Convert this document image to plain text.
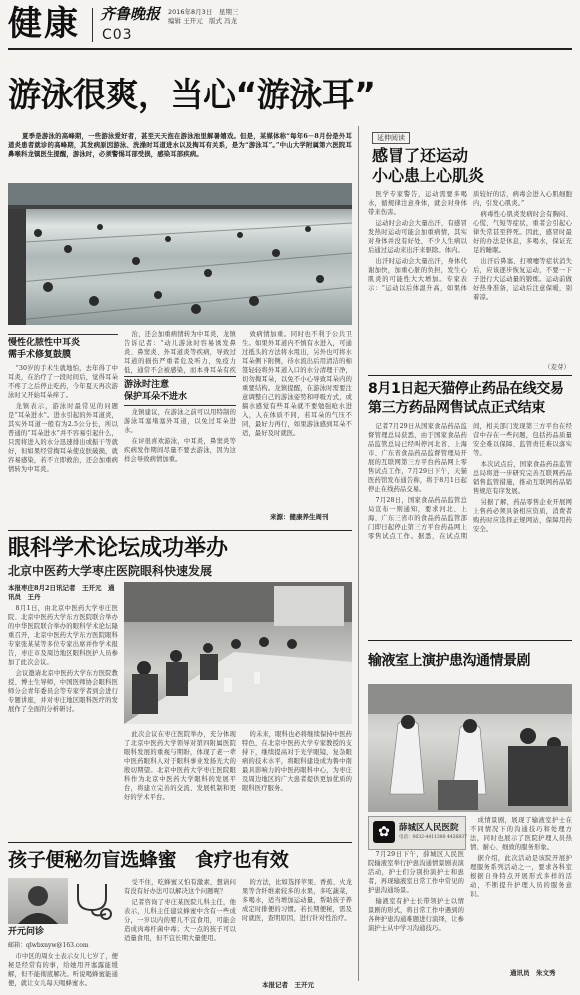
健康 齐鲁晚报 2016年8月3日　星期三
编辑 王开元　版式 冯龙
C03
游泳很爽，当心“游泳耳”
夏季是游泳的高峰期，一些游泳爱好者，甚至天天泡在游泳池里解暑嬉戏。但是，某媒体称“每年6－8月份是外耳道炎患者就诊的高峰期，其发病原因游泳、洗澡时耳道进水以及掏耳有关系，是为“游泳耳”。”中山大学附属第六医院耳鼻喉科龙镇医生提醒，游泳时，必须警惕耳部受损，感染耳部疾病。
慢性化脓性中耳炎
需手术修复鼓膜

“30岁的手术生就地怕，去年得了中耳炎，在治疗了一段时间后，觉得耳朵不疼了之后停止吃药，今年夏天再次游泳时又开始耳朵痒了。

龙镇表示，游泳时最常见的问题是“耳朵进水”。进水引起的外耳道炎，其实外耳道一般有为2.5公分长，所以普通的“耳朵进水”并不容易引起什么，只需将进入的水分迅速排出或振干等就好，但如果经常掏耳朵使皮肤破损，就容易感染，若不立即救治，还会加重病情转为中耳炎。

治，还会加重病情转为中耳炎，龙镇告诉记者：“动儿游泳时容易诱发鼻炎、鼻窦炎、外耳道炎等疾病，导致过耳道的损伤严重者危及听力，免疫力低，通常不会被感染，而本身耳朵有疾

游泳时注意
保护耳朵不进水

龙镇建议，在游泳之前可以用特制的游泳耳塞堵塞外耳道，以免过耳朵进水。

在评很喜欢游泳，中耳炎，鼻窦炎等疾病发作期间尽量不要去游泳，因为这样会导致病情加重。

致病情加重。同时也不利于公共卫生。如果外耳道内不慎有水进入，可通过抵头的方法将水甩出，另外也可将水耳朵侧下附侧，待水流出后用清洁的棉签轻轻将外耳道入口的水分清理干净，切勿掏耳朵，以免不小心导致耳朵内的重要结构。龙镇提醒，在游泳时需要注意调整自己的游泳姿势和呼吸方式，或搞水感觉有些耳朵就不要勉强呛水进入，人在体质不同，若耳朵的气压不同，最好力再行，如果游泳感到耳朵不适，最好及时就医。

来源：健康养生周刊
延伸阅读
感冒了还运动
小心患上心肌炎

医学专家警告，运动需要多喝水，循规律注意身体，就会对身体带来伤害。

运动时会动会大量出汗，有感冒发热时运动可能会加重病情，其实对身体并没有好处，不少人生病以后通过运动来出汗来驱除。体内。

出汗时运动会大量出汗，身体代谢加快，加重心脏的负担，发生心肌炎的可能性大大增加。专家表示：“运动以后体温升高，如果体质较好的话，病毒会进入心肌细胞内，引发心肌炎。”

病毒性心肌炎发病时会有胸闷、心慌、气短等症状，重者会引起心律失常甚至猝死。因此，感冒时最好的办法是休息，多喝水，保证充足的睡眠。

出汗后鼻塞、打喷嚏等症状消失后，应该逐步恢复运动，不要一下子进行大运动量的锻炼。运动前做好热身准备，运动后注意保暖，别着凉。

（麦芽）
8月1日起天猫停止药品在线交易
第三方药品网售试点正式结束

记者7月29日从国家食品药品监督管理总局获悉，由于国家食品药品监管总局已经叫停河北省、上海市、广东省食品药品监督管理局开展的互联网第三方平台药品网上零售试点工作，7月29日下午，天猫医药馆发布通告称，将于8月1日起停止在线药品交易。

7月28日，国家食品药品监管总局宣布一则通知，要求河北、上海、广东三省市的食品药品监管部门即日起停止第三方平台药品网上零售试点工作。据悉，在试点期间，相关部门发现第三方平台在经营中存在一些问题，包括药品质量安全难以保障、监管责任难以落实等。

本次试点后，国家食品药品监管总局将进一步研究完善互联网药品销售监管措施，推动互联网药品销售规范有序发展。

另据了解，药品零售企业开展网上售药必须具备相应资质，消费者购药时应选择正规网站，保障用药安全。

输液室上演护患沟通情景剧
✿	薛城区人民医院
电话：0632-4411380 4426837

7月29日下午，薛城区人民医院输液室举行护患沟通情景剧表演活动，护士们分别扮演护士和患者，再现输液室日常工作中常见的护患沟通场景。

输液室有护士长带领护士以情景剧的形式，将日常工作中遇到的各种护患沟通难题进行演绎，让参演护士从中学习沟通技巧。

成情景剧，展现了输液室护士在不同情况下的沟通技巧和处理方法，同时也展示了医院护理人员热情、耐心、细致的服务形象。

据介绍，此次活动是该院开展护理服务系列活动之一，要求各科室根据自身特点开展形式多样的活动，不断提升护理人员的服务意识。

通讯员　朱文秀
眼科学术论坛成功举办
北京中医药大学枣庄医院眼科快速发展
本报枣庄8月2日讯记者　王开元　通讯员　王丹

8月1日，由北京中医药大学枣庄医院、北京中医药大学东方医院联合举办的中华医院联合举办的眼科学术论坛隆重召开，北京中医药大学东方医院眼科专家张某某等多位专家出席并作学术报告，枣庄市及周边地区眼科医护人员参加了此次会议。

会议邀请北京中医药大学东方医院教授、博士生导师，中国医师协会眼科医师分会青年委员会等专家学者到会进行专题讲座，并对枣庄地区眼科医疗的发展作了全面的分析研讨。

此次会议在枣庄医院举办，充分体现了北京中医药大学领导对第四附属医院眼科发展的重视与期盼，体现了老一辈中医药眼科人对于眼科事业发扬光大的殷切期望。北京中医药大学枣庄医院眼科作为北京中医药大学眼科的发展平台，将建立完善的交流、发展机制和更好的学术平台。

的未来，眼科也必将继续保持中医药特色，在北京中医药大学专家教授的支持下，继续提高对于光学眼镜、复杂眼病的技术水平，将眼科建设成为鲁中南最具影响力的中医药眼科中心，为枣庄及周边地区的广大患者提供更加优质的眼科医疗服务。

孩子便秘勿盲选蜂蜜　食疗也有效
开元问诊
邮箱：qlwbxnyw@163.com

市中区的周女士表示女儿七岁了，便秘是经常有的事，给她用开塞露能缓解，但不能彻底解决。听说喝蜂蜜能通便，就让女儿每天喝蜂蜜水。

受不住，吃蜂蜜又怕有激素，想请问有没有好办法可以解决这个问题呢？

记者咨询了枣庄某医院儿科主任，他表示，儿科主任建议蜂蜜中含有一些成分，一岁以内的婴儿不宜食用，可能会造成肉毒杆菌中毒；大一点的孩子可以适量食用，但不宜长期大量使用。

的方法，比如选择苹果、香蕉、火龙果等含纤维素较多的水果，多吃蔬菜，多喝水，适当增加运动量，帮助孩子养成定时排便的习惯。若长期便秘，需及时就医，查明原因，进行针对性治疗。

本报记者　王开元
